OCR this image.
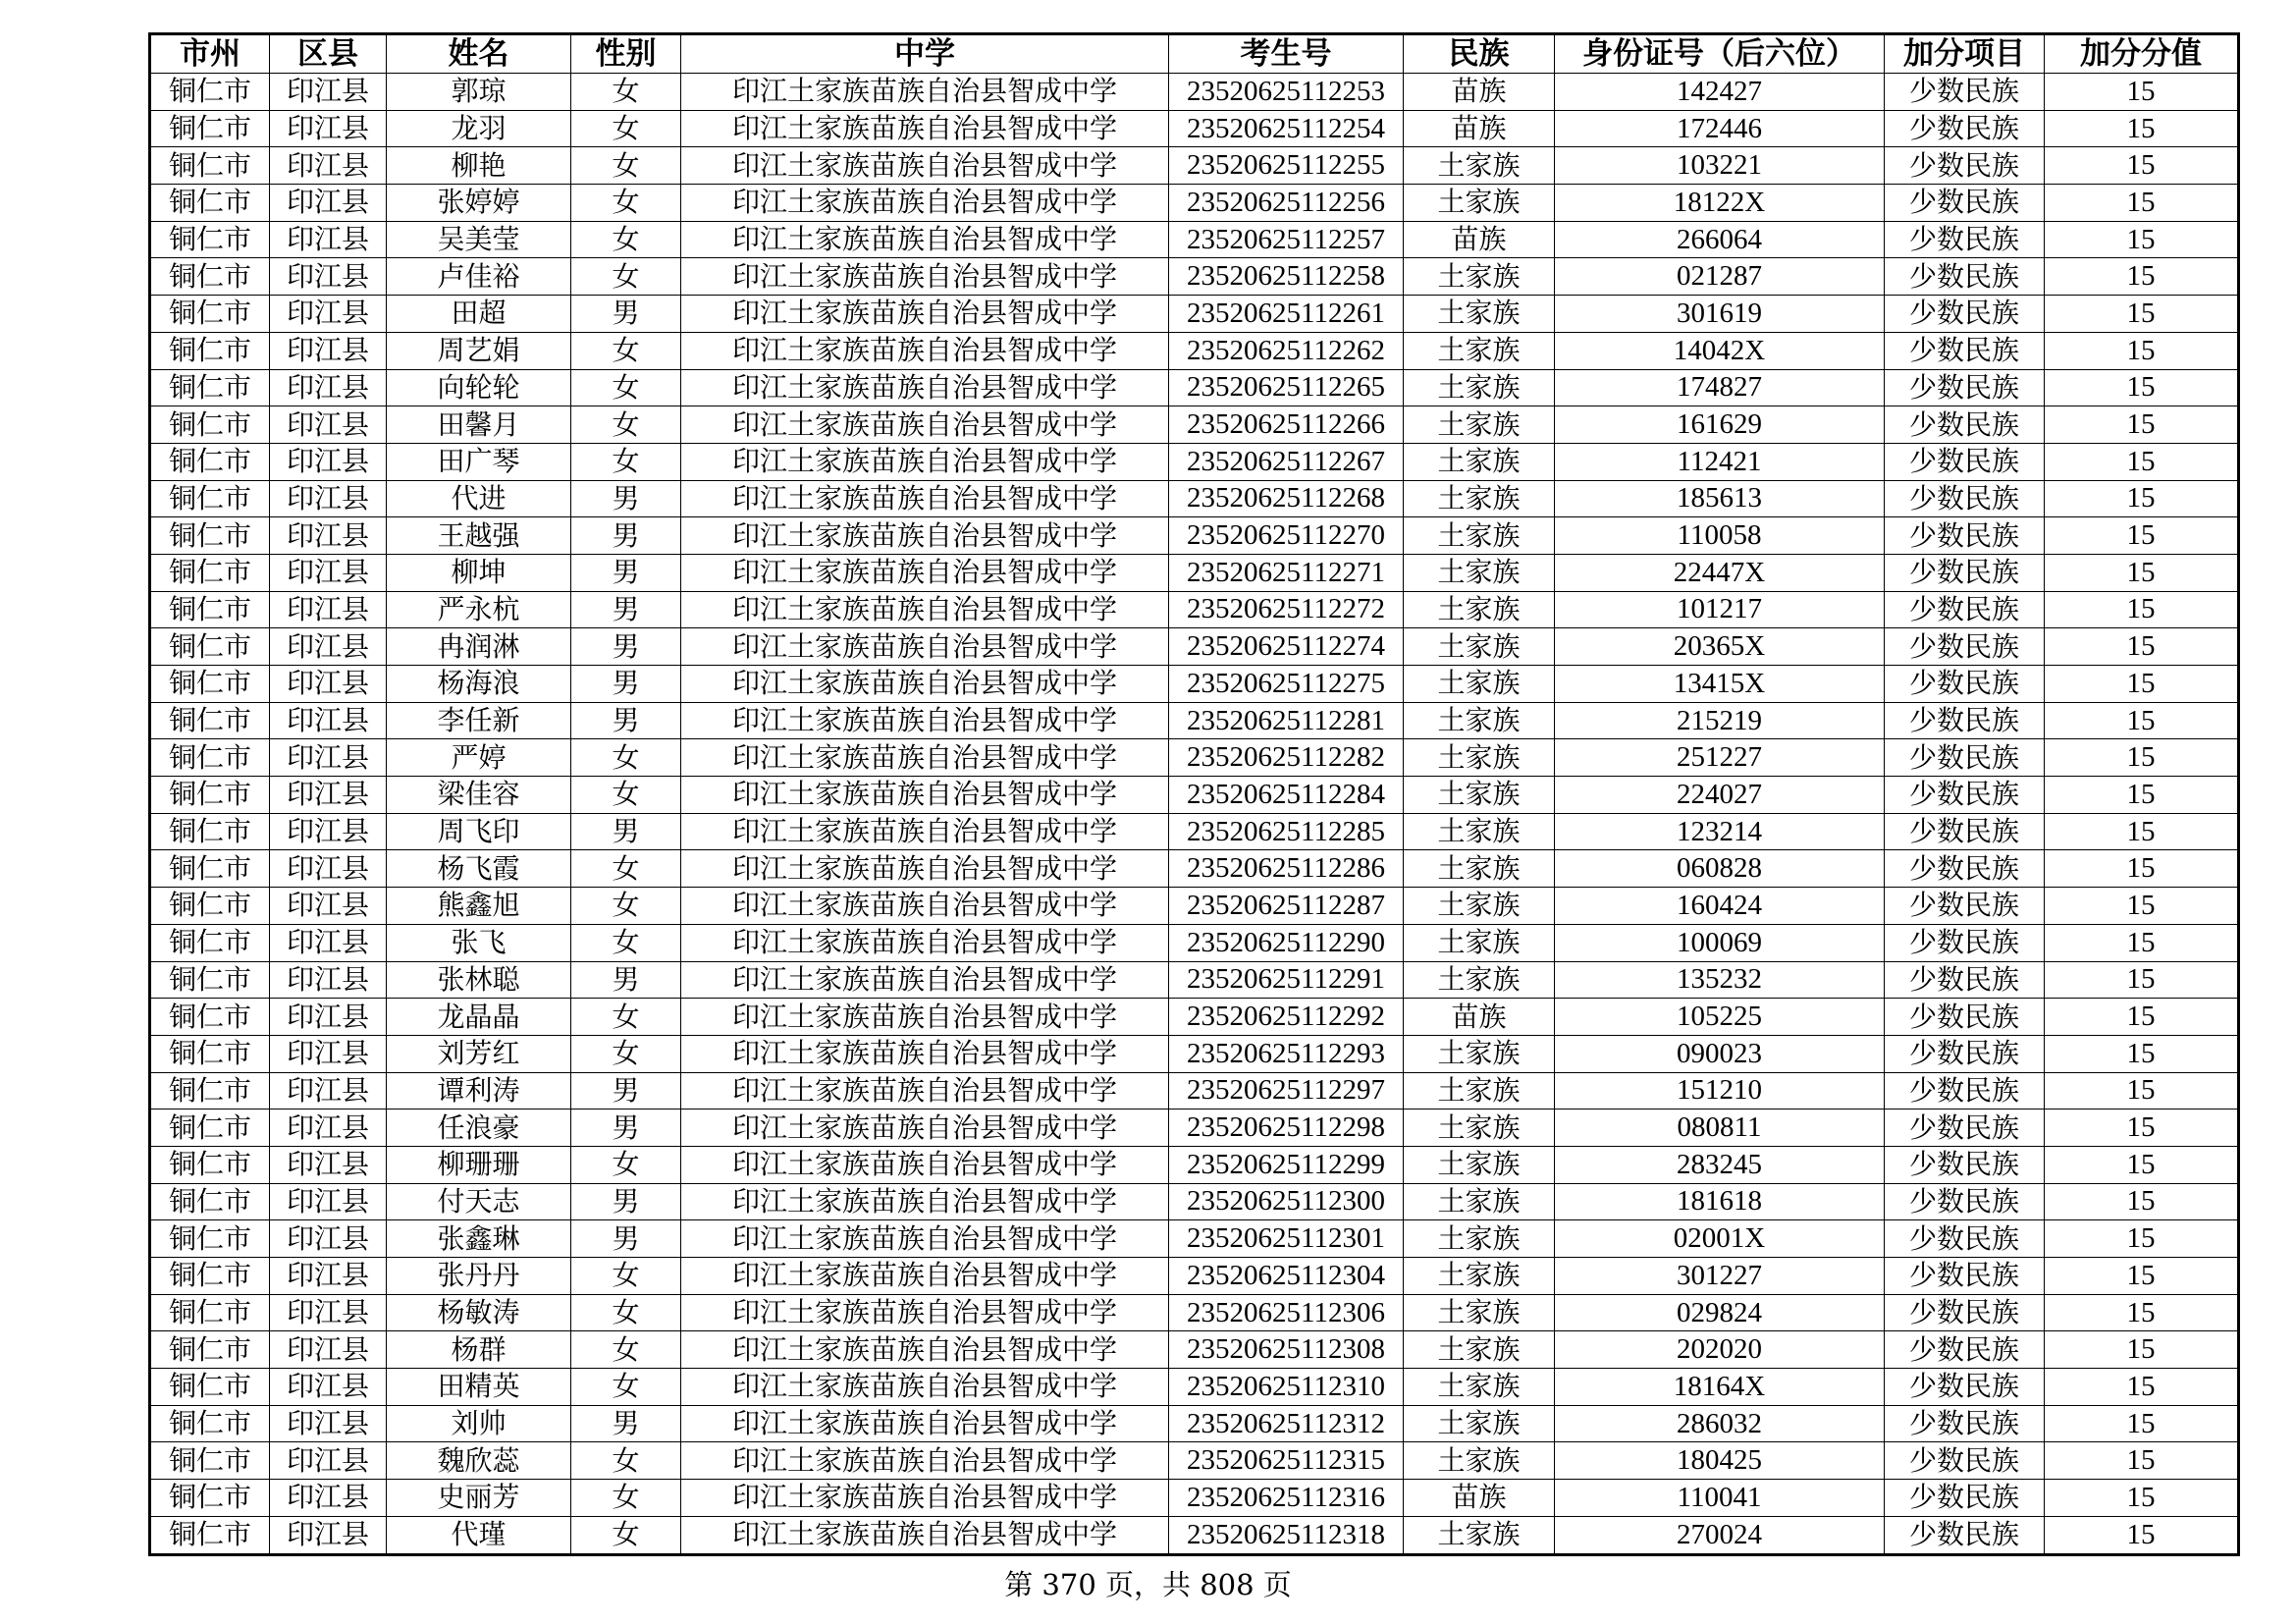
市州	区县	姓名	性别	中学	考生号	民族	身份证号（后六位）	加分项目	加分分值
铜仁市	印江县	郭琼	女	印江土家族苗族自治县智成中学	23520625112253	苗族	142427	少数民族	15
铜仁市	印江县	龙羽	女	印江土家族苗族自治县智成中学	23520625112254	苗族	172446	少数民族	15
铜仁市	印江县	柳艳	女	印江土家族苗族自治县智成中学	23520625112255	土家族	103221	少数民族	15
铜仁市	印江县	张婷婷	女	印江土家族苗族自治县智成中学	23520625112256	土家族	18122X	少数民族	15
铜仁市	印江县	吴美莹	女	印江土家族苗族自治县智成中学	23520625112257	苗族	266064	少数民族	15
铜仁市	印江县	卢佳裕	女	印江土家族苗族自治县智成中学	23520625112258	土家族	021287	少数民族	15
铜仁市	印江县	田超	男	印江土家族苗族自治县智成中学	23520625112261	土家族	301619	少数民族	15
铜仁市	印江县	周艺娟	女	印江土家族苗族自治县智成中学	23520625112262	土家族	14042X	少数民族	15
铜仁市	印江县	向轮轮	女	印江土家族苗族自治县智成中学	23520625112265	土家族	174827	少数民族	15
铜仁市	印江县	田馨月	女	印江土家族苗族自治县智成中学	23520625112266	土家族	161629	少数民族	15
铜仁市	印江县	田广琴	女	印江土家族苗族自治县智成中学	23520625112267	土家族	112421	少数民族	15
铜仁市	印江县	代进	男	印江土家族苗族自治县智成中学	23520625112268	土家族	185613	少数民族	15
铜仁市	印江县	王越强	男	印江土家族苗族自治县智成中学	23520625112270	土家族	110058	少数民族	15
铜仁市	印江县	柳坤	男	印江土家族苗族自治县智成中学	23520625112271	土家族	22447X	少数民族	15
铜仁市	印江县	严永杭	男	印江土家族苗族自治县智成中学	23520625112272	土家族	101217	少数民族	15
铜仁市	印江县	冉润淋	男	印江土家族苗族自治县智成中学	23520625112274	土家族	20365X	少数民族	15
铜仁市	印江县	杨海浪	男	印江土家族苗族自治县智成中学	23520625112275	土家族	13415X	少数民族	15
铜仁市	印江县	李任新	男	印江土家族苗族自治县智成中学	23520625112281	土家族	215219	少数民族	15
铜仁市	印江县	严婷	女	印江土家族苗族自治县智成中学	23520625112282	土家族	251227	少数民族	15
铜仁市	印江县	梁佳容	女	印江土家族苗族自治县智成中学	23520625112284	土家族	224027	少数民族	15
铜仁市	印江县	周飞印	男	印江土家族苗族自治县智成中学	23520625112285	土家族	123214	少数民族	15
铜仁市	印江县	杨飞霞	女	印江土家族苗族自治县智成中学	23520625112286	土家族	060828	少数民族	15
铜仁市	印江县	熊鑫旭	女	印江土家族苗族自治县智成中学	23520625112287	土家族	160424	少数民族	15
铜仁市	印江县	张飞	女	印江土家族苗族自治县智成中学	23520625112290	土家族	100069	少数民族	15
铜仁市	印江县	张林聪	男	印江土家族苗族自治县智成中学	23520625112291	土家族	135232	少数民族	15
铜仁市	印江县	龙晶晶	女	印江土家族苗族自治县智成中学	23520625112292	苗族	105225	少数民族	15
铜仁市	印江县	刘芳红	女	印江土家族苗族自治县智成中学	23520625112293	土家族	090023	少数民族	15
铜仁市	印江县	谭利涛	男	印江土家族苗族自治县智成中学	23520625112297	土家族	151210	少数民族	15
铜仁市	印江县	任浪豪	男	印江土家族苗族自治县智成中学	23520625112298	土家族	080811	少数民族	15
铜仁市	印江县	柳珊珊	女	印江土家族苗族自治县智成中学	23520625112299	土家族	283245	少数民族	15
铜仁市	印江县	付天志	男	印江土家族苗族自治县智成中学	23520625112300	土家族	181618	少数民族	15
铜仁市	印江县	张鑫琳	男	印江土家族苗族自治县智成中学	23520625112301	土家族	02001X	少数民族	15
铜仁市	印江县	张丹丹	女	印江土家族苗族自治县智成中学	23520625112304	土家族	301227	少数民族	15
铜仁市	印江县	杨敏涛	女	印江土家族苗族自治县智成中学	23520625112306	土家族	029824	少数民族	15
铜仁市	印江县	杨群	女	印江土家族苗族自治县智成中学	23520625112308	土家族	202020	少数民族	15
铜仁市	印江县	田精英	女	印江土家族苗族自治县智成中学	23520625112310	土家族	18164X	少数民族	15
铜仁市	印江县	刘帅	男	印江土家族苗族自治县智成中学	23520625112312	土家族	286032	少数民族	15
铜仁市	印江县	魏欣蕊	女	印江土家族苗族自治县智成中学	23520625112315	土家族	180425	少数民族	15
铜仁市	印江县	史丽芳	女	印江土家族苗族自治县智成中学	23520625112316	苗族	110041	少数民族	15
铜仁市	印江县	代瑾	女	印江土家族苗族自治县智成中学	23520625112318	土家族	270024	少数民族	15
第 370 页，共 808 页
